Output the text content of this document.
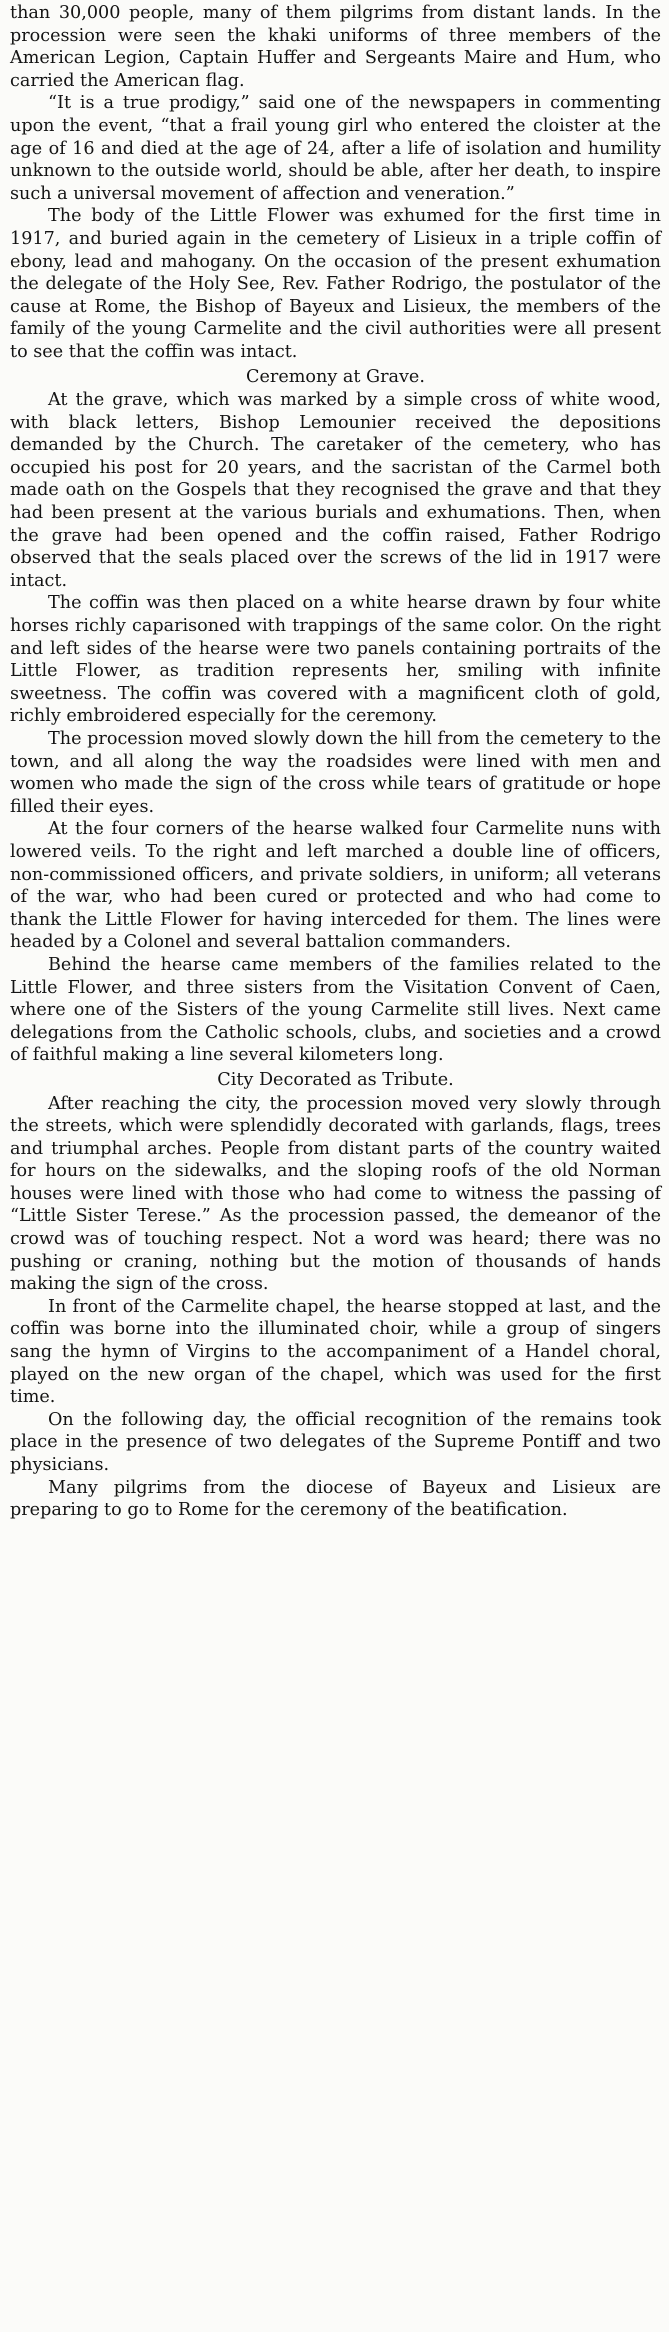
than 30,000 people, many of them pilgrims from distant lands. In the procession were seen the khaki uniforms of three members of the American Legion, Captain Huffer and Sergeants Maire and Hum, who carried the American flag.

“It is a true prodigy,” said one of the newspapers in commenting upon the event, “that a frail young girl who entered the cloister at the age of 16 and died at the age of 24, after a life of isolation and humility unknown to the outside world, should be able, after her death, to inspire such a universal movement of affection and veneration.”

The body of the Little Flower was exhumed for the first time in 1917, and buried again in the cemetery of Lisieux in a triple coffin of ebony, lead and mahogany. On the occasion of the present exhumation the delegate of the Holy See, Rev. Father Rodrigo, the postulator of the cause at Rome, the Bishop of Bayeux and Lisieux, the members of the family of the young Carmelite and the civil authorities were all present to see that the coffin was intact.

Ceremony at Grave.

At the grave, which was marked by a simple cross of white wood, with black letters, Bishop Lemounier received the depositions demanded by the Church. The caretaker of the cemetery, who has occupied his post for 20 years, and the sacristan of the Carmel both made oath on the Gospels that they recognised the grave and that they had been present at the various burials and exhumations. Then, when the grave had been opened and the coffin raised, Father Rodrigo observed that the seals placed over the screws of the lid in 1917 were intact.

The coffin was then placed on a white hearse drawn by four white horses richly caparisoned with trappings of the same color. On the right and left sides of the hearse were two panels containing portraits of the Little Flower, as tradition represents her, smiling with infinite sweetness. The coffin was covered with a magnificent cloth of gold, richly embroidered especially for the ceremony.

The procession moved slowly down the hill from the cemetery to the town, and all along the way the roadsides were lined with men and women who made the sign of the cross while tears of gratitude or hope filled their eyes.

At the four corners of the hearse walked four Carmelite nuns with lowered veils. To the right and left marched a double line of officers, non-commissioned officers, and private soldiers, in uniform; all veterans of the war, who had been cured or protected and who had come to thank the Little Flower for having interceded for them. The lines were headed by a Colonel and several battalion commanders.

Behind the hearse came members of the families related to the Little Flower, and three sisters from the Visitation Convent of Caen, where one of the Sisters of the young Carmelite still lives. Next came delegations from the Catholic schools, clubs, and societies and a crowd of faithful making a line several kilometers long.

City Decorated as Tribute.

After reaching the city, the procession moved very slowly through the streets, which were splendidly decorated with garlands, flags, trees and triumphal arches. People from distant parts of the country waited for hours on the sidewalks, and the sloping roofs of the old Norman houses were lined with those who had come to witness the passing of “Little Sister Terese.” As the procession passed, the demeanor of the crowd was of touching respect. Not a word was heard; there was no pushing or craning, nothing but the motion of thousands of hands making the sign of the cross.

In front of the Carmelite chapel, the hearse stopped at last, and the coffin was borne into the illuminated choir, while a group of singers sang the hymn of Virgins to the accompaniment of a Handel choral, played on the new organ of the chapel, which was used for the first time.

On the following day, the official recognition of the remains took place in the presence of two delegates of the Supreme Pontiff and two physicians.

Many pilgrims from the diocese of Bayeux and Lisieux are preparing to go to Rome for the ceremony of the beatification.
